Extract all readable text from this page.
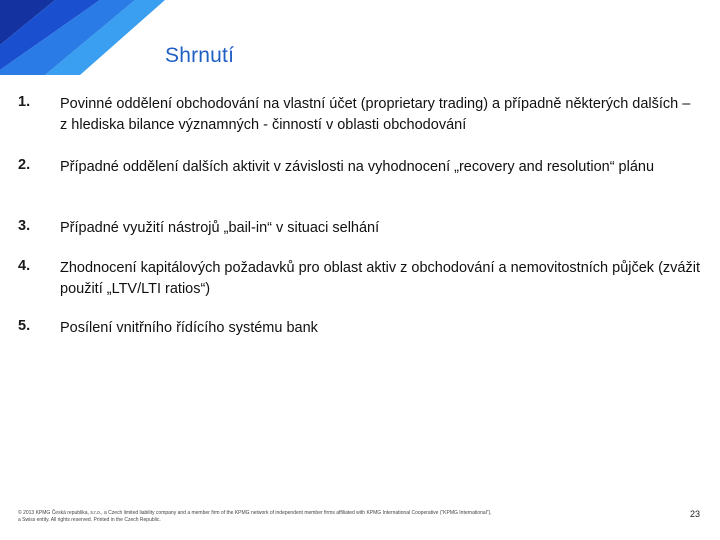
Shrnutí
1. Povinné oddělení obchodování na vlastní účet (proprietary trading) a případně některých dalších – z hlediska bilance významných - činností v oblasti obchodování
2. Případné oddělení dalších aktivit v závislosti na vyhodnocení „recovery and resolution“ plánu
3. Případné využití nástrojů „bail-in“ v situaci selhání
4. Zhodnocení kapitálových požadavků pro oblast aktiv z obchodování a nemovitostních půjček (zvážit použití „LTV/LTI ratios“)
5. Posílení vnitřního řídícího systému bank
© 2013 KPMG Česká republika, s.r.o., a Czech limited liability company and a member firm of the KPMG network of independent member firms affiliated with KPMG International Cooperative (“KPMG International”),
a Swiss entity. All rights reserved. Printed in the Czech Republic.
23
